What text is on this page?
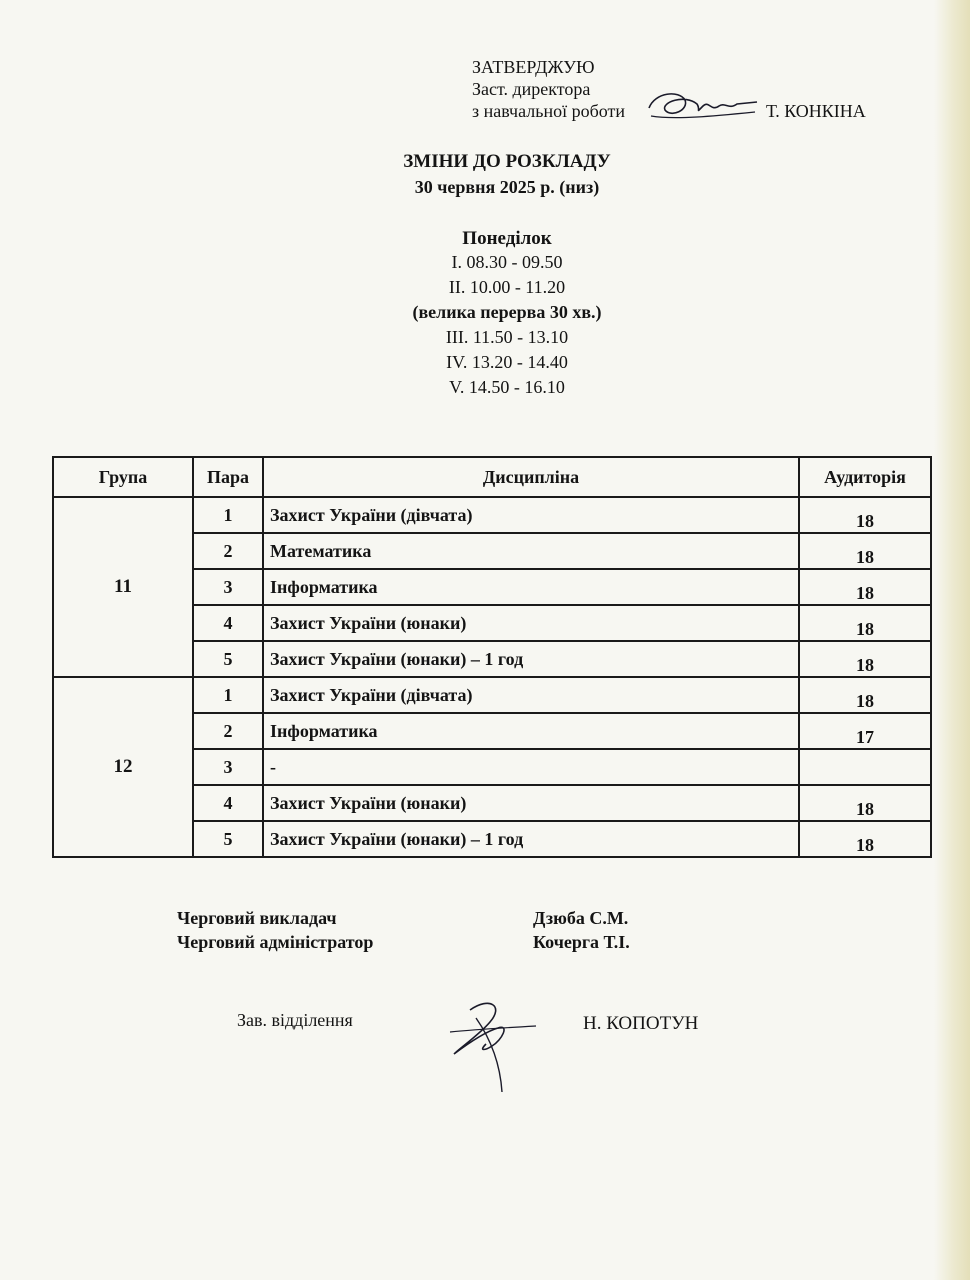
ЗАТВЕРДЖУЮ
Заст. директора
з навчальної роботи	Т. КОНКІНА
ЗМІНИ ДО РОЗКЛАДУ
30 червня 2025 р. (низ)
Понеділок
І. 08.30 - 09.50
ІІ. 10.00 - 11.20
(велика перерва 30 хв.)
ІІІ. 11.50 - 13.10
ІV. 13.20 - 14.40
V. 14.50 - 16.10
Група	Пара	Дисципліна	Аудиторія
11	1	Захист України (дівчата)	18
	2	Математика	18
	3	Інформатика	18
	4	Захист України (юнаки)	18
	5	Захист України (юнаки) – 1 год	18
12	1	Захист України (дівчата)	18
	2	Інформатика	17
	3	-	
	4	Захист України (юнаки)	18
	5	Захист України (юнаки) – 1 год	18
Черговий викладач
Черговий адміністратор
Дзюба С.М.
Кочерга Т.І.
Зав. відділення	Н. КОПОТУН
